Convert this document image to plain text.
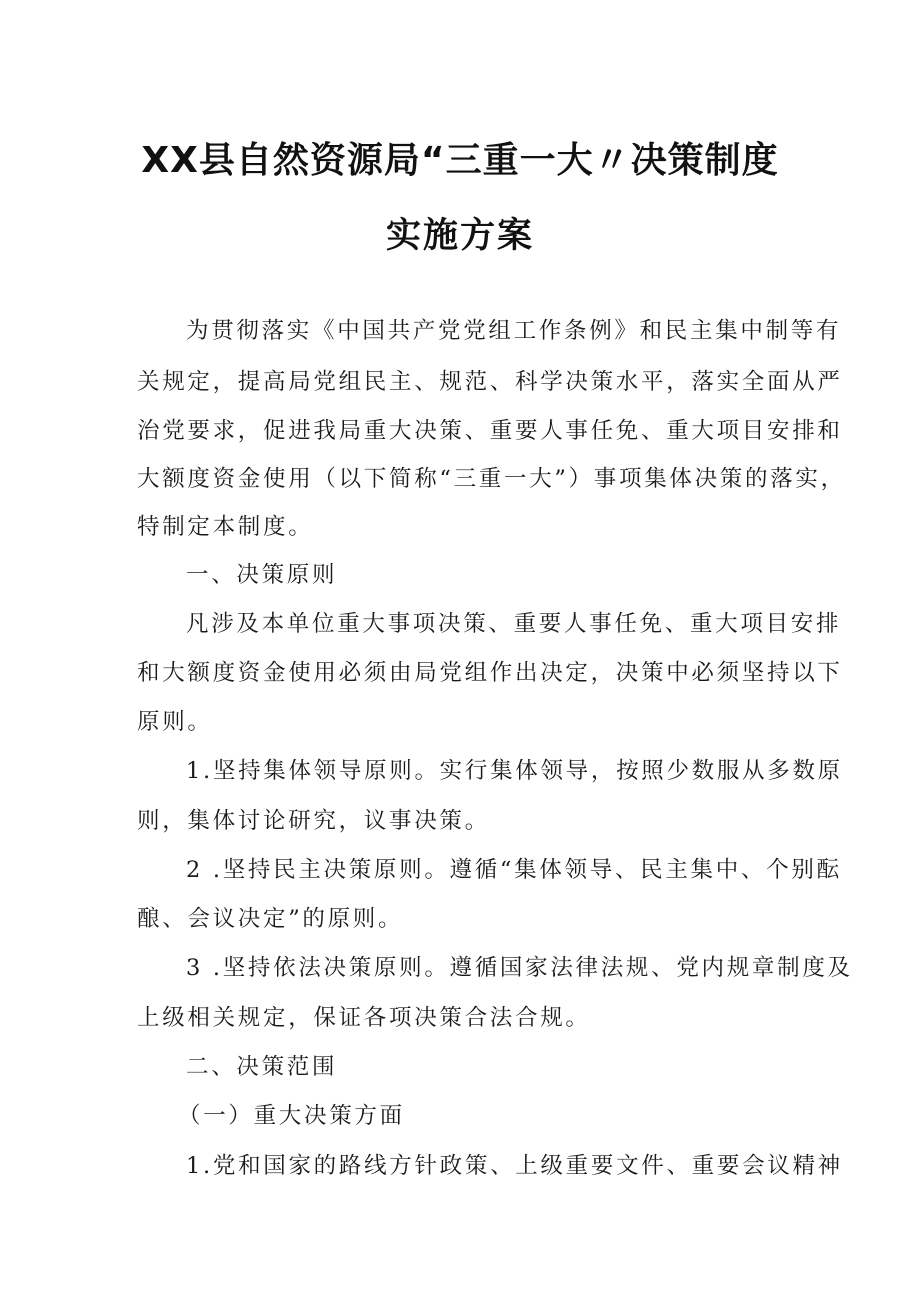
XX县自然资源局“三重一大〃决策制度
实施方案
为贯彻落实《中国共产党党组工作条例》和民主集中制等有
关规定，提高局党组民主、规范、科学决策水平，落实全面从严
治党要求，促进我局重大决策、重要人事任免、重大项目安排和
大额度资金使用（以下简称“三重一大”）事项集体决策的落实，
特制定本制度。
一、决策原则
凡涉及本单位重大事项决策、重要人事任免、重大项目安排
和大额度资金使用必须由局党组作出决定，决策中必须坚持以下
原则。
1.坚持集体领导原则。实行集体领导，按照少数服从多数原
则，集体讨论研究，议事决策。
2 .坚持民主决策原则。遵循“集体领导、民主集中、个别酝
酿、会议决定”的原则。
3 .坚持依法决策原则。遵循国家法律法规、党内规章制度及
上级相关规定，保证各项决策合法合规。
二、决策范围
（一）重大决策方面
1.党和国家的路线方针政策、上级重要文件、重要会议精神
